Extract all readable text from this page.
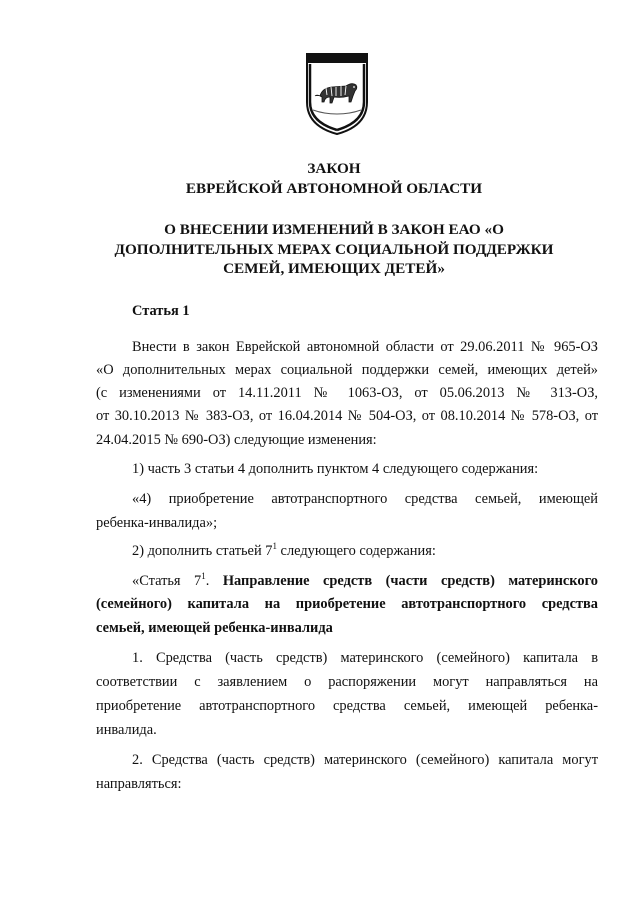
ЗАКОН
ЕВРЕЙСКОЙ АВТОНОМНОЙ ОБЛАСТИ
О ВНЕСЕНИИ ИЗМЕНЕНИЙ В ЗАКОН ЕАО «О
ДОПОЛНИТЕЛЬНЫХ МЕРАХ СОЦИАЛЬНОЙ ПОДДЕРЖКИ
СЕМЕЙ, ИМЕЮЩИХ ДЕТЕЙ»
Статья 1
Внести в закон Еврейской автономной области от 29.06.2011 № 965-ОЗ
«О дополнительных мерах социальной поддержки семей, имеющих детей»
(с изменениями от 14.11.2011 № 1063-ОЗ, от 05.06.2013 № 313-ОЗ,
от 30.10.2013 № 383-ОЗ, от 16.04.2014 № 504-ОЗ, от 08.10.2014 № 578-ОЗ, от
24.04.2015 № 690-ОЗ) следующие изменения:
1) часть 3 статьи 4 дополнить пунктом 4 следующего содержания:
«4) приобретение автотранспортного средства семьей, имеющей
ребенка-инвалида»;
2) дополнить статьей $7^1$ следующего содержания:
«Статья $7^1$. Направление средств (части средств) материнского
(семейного) капитала на приобретение автотранспортного средства
семьей, имеющей ребенка-инвалида
1. Средства (часть средств) материнского (семейного) капитала в
соответствии с заявлением о распоряжении могут направляться на
приобретение автотранспортного средства семьей, имеющей ребенка-
инвалида.
2. Средства (часть средств) материнского (семейного) капитала могут
направляться:
